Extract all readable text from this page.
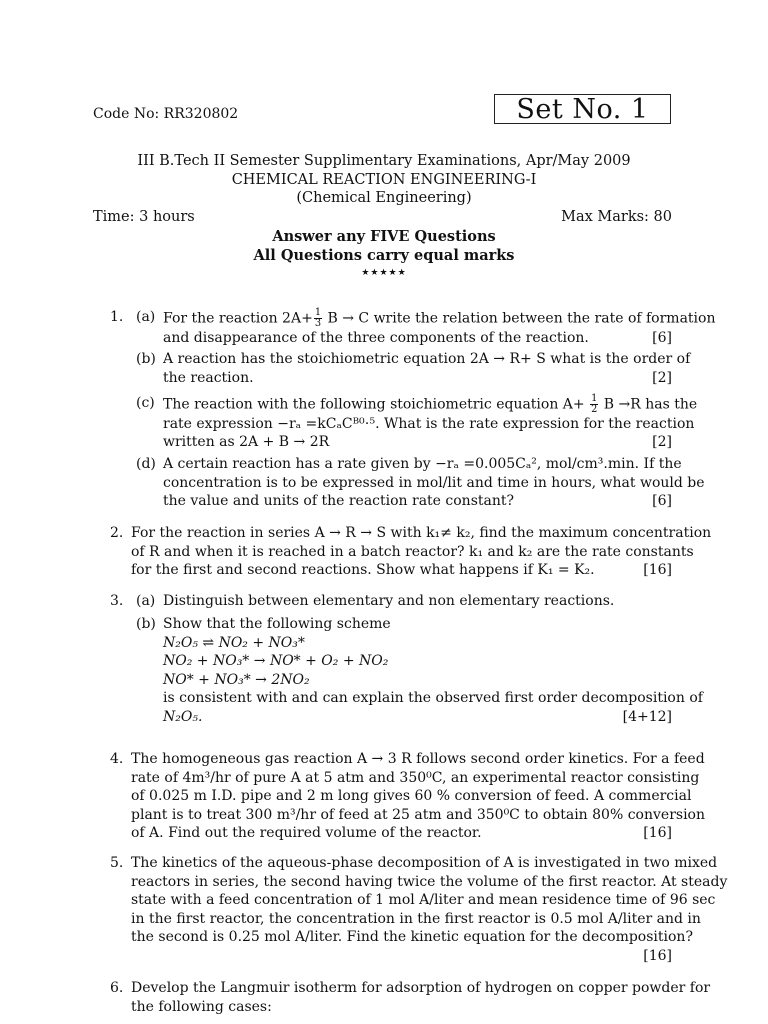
Code No: RR320802	Set No. 1
III B.Tech II Semester Supplimentary Examinations, Apr/May 2009
CHEMICAL REACTION ENGINEERING-I
(Chemical Engineering)
Time: 3 hours	Max Marks: 80
Answer any FIVE Questions
All Questions carry equal marks
★★★★★
1. (a) For the reaction $2A+ \frac{1}{3}$ B → C write the relation between the rate of formation
and disappearance of the three components of the reaction.	[6]
(b) A reaction has the stoichiometric equation 2A → R+ S what is the order of
the reaction.	[2]
(c) The reaction with the following stoichiometric equation $A+ \frac{1}{2}$ B →R has the
rate expression −rₐ =kCₐCᴮ⁰⋅⁵. What is the rate expression for the reaction
written as 2A + B → 2R	[2]
(d) A certain reaction has a rate given by −rₐ =0.005Cₐ², mol/cm³.min. If the
concentration is to be expressed in mol/lit and time in hours, what would be
the value and units of the reaction rate constant?	[6]
2. For the reaction in series A → R → S with k₁≠ k₂, find the maximum concentration
of R and when it is reached in a batch reactor? k₁ and k₂ are the rate constants
for the first and second reactions. Show what happens if K₁ = K₂.	[16]
3. (a) Distinguish between elementary and non elementary reactions.
(b) Show that the following scheme
N₂O₅ ⇌ NO₂ + NO₃*
NO₂ + NO₃* → NO* + O₂ + NO₂
NO* + NO₃* → 2NO₂
is consistent with and can explain the observed first order decomposition of
N₂O₅.	[4+12]
4. The homogeneous gas reaction A → 3 R follows second order kinetics. For a feed
rate of 4m³/hr of pure A at 5 atm and 350⁰C, an experimental reactor consisting
of 0.025 m I.D. pipe and 2 m long gives 60 % conversion of feed. A commercial
plant is to treat 300 m³/hr of feed at 25 atm and 350⁰C to obtain 80% conversion
of A. Find out the required volume of the reactor.	[16]
5. The kinetics of the aqueous-phase decomposition of A is investigated in two mixed
reactors in series, the second having twice the volume of the first reactor. At steady
state with a feed concentration of 1 mol A/liter and mean residence time of 96 sec
in the first reactor, the concentration in the first reactor is 0.5 mol A/liter and in
the second is 0.25 mol A/liter. Find the kinetic equation for the decomposition?
[16]
6. Develop the Langmuir isotherm for adsorption of hydrogen on copper powder for
the following cases:
